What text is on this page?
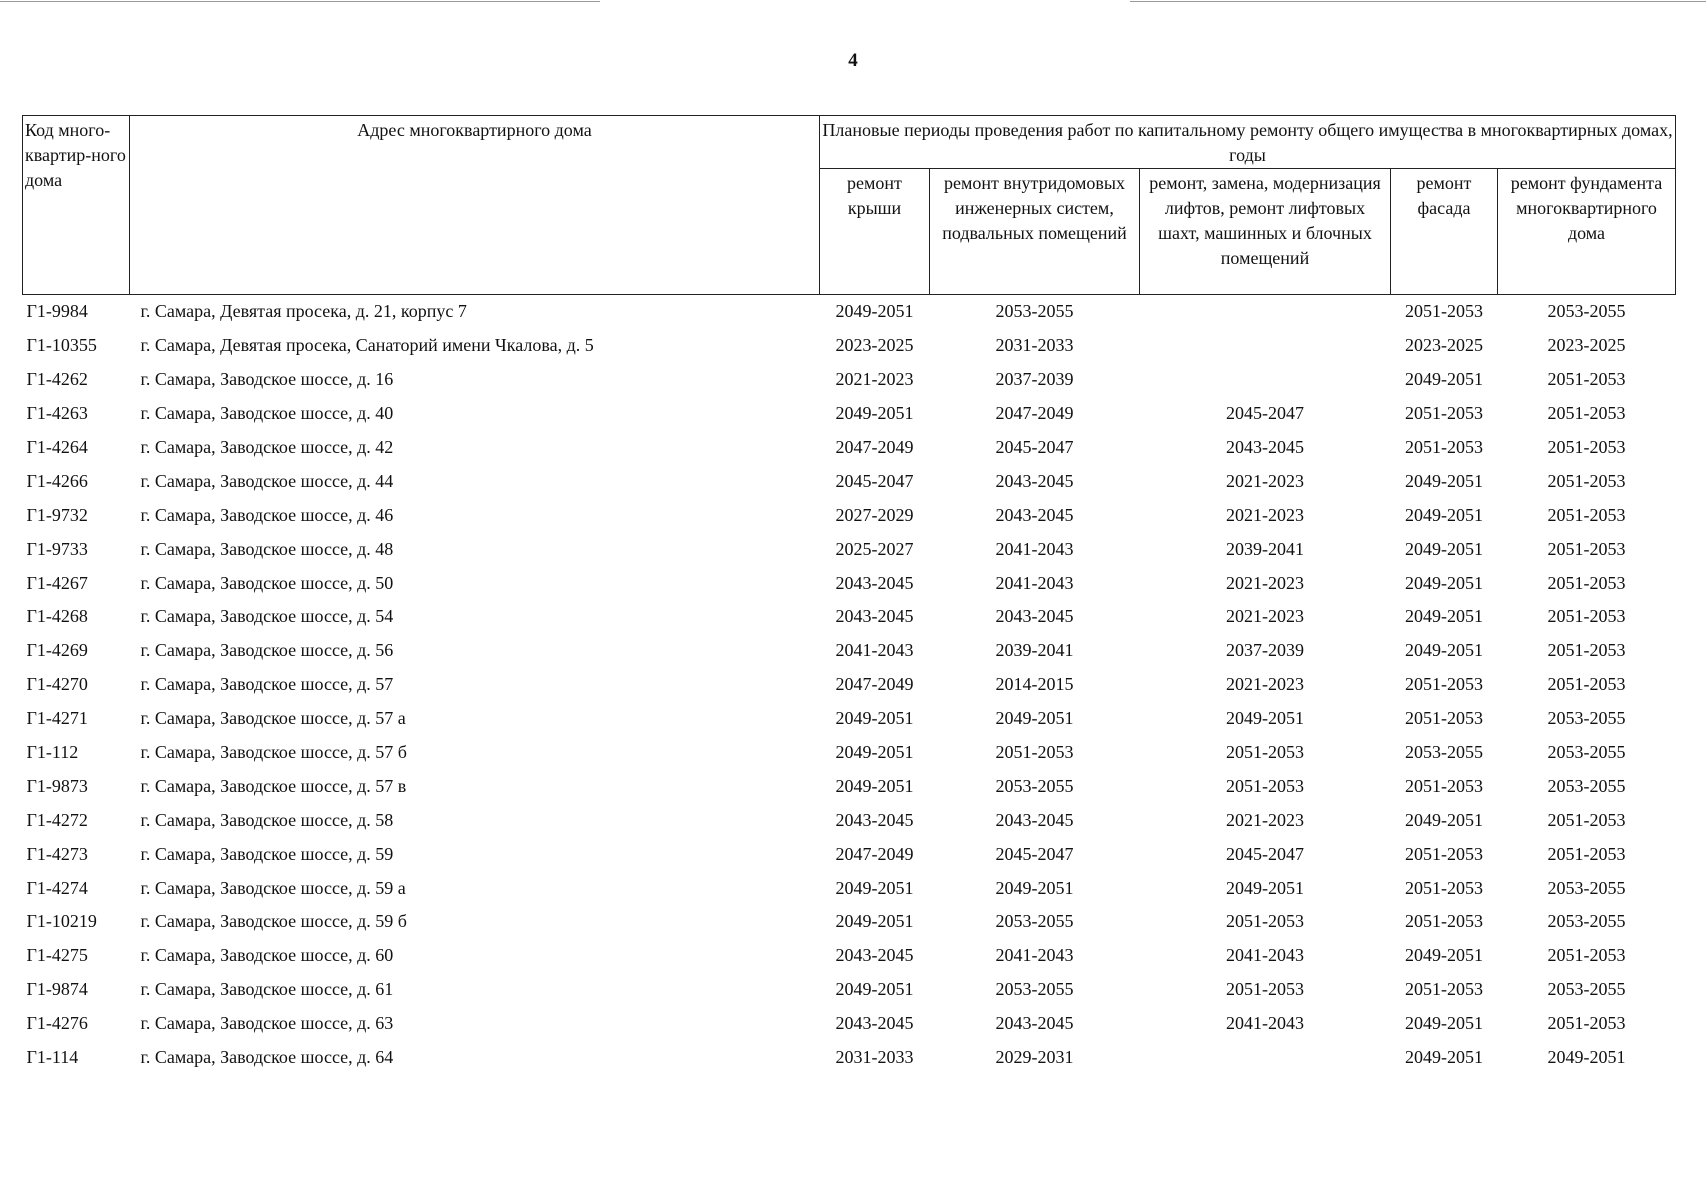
4
Код много-квартир-ного дома	Адрес многоквартирного дома	Плановые периоды проведения работ по капитальному ремонту общего имущества в многоквартирных домах, годы				
		ремонт крыши	ремонт внутридомовых инженерных систем, подвальных помещений	ремонт, замена, модернизация лифтов, ремонт лифтовых шахт, машинных и блочных помещений	ремонт фасада	ремонт фундамента многоквартирного дома
Г1-9984	г. Самара, Девятая просека, д. 21, корпус 7	2049-2051	2053-2055		2051-2053	2053-2055
Г1-10355	г. Самара, Девятая просека, Санаторий имени Чкалова, д. 5	2023-2025	2031-2033		2023-2025	2023-2025
Г1-4262	г. Самара, Заводское шоссе, д. 16	2021-2023	2037-2039		2049-2051	2051-2053
Г1-4263	г. Самара, Заводское шоссе, д. 40	2049-2051	2047-2049	2045-2047	2051-2053	2051-2053
Г1-4264	г. Самара, Заводское шоссе, д. 42	2047-2049	2045-2047	2043-2045	2051-2053	2051-2053
Г1-4266	г. Самара, Заводское шоссе, д. 44	2045-2047	2043-2045	2021-2023	2049-2051	2051-2053
Г1-9732	г. Самара, Заводское шоссе, д. 46	2027-2029	2043-2045	2021-2023	2049-2051	2051-2053
Г1-9733	г. Самара, Заводское шоссе, д. 48	2025-2027	2041-2043	2039-2041	2049-2051	2051-2053
Г1-4267	г. Самара, Заводское шоссе, д. 50	2043-2045	2041-2043	2021-2023	2049-2051	2051-2053
Г1-4268	г. Самара, Заводское шоссе, д. 54	2043-2045	2043-2045	2021-2023	2049-2051	2051-2053
Г1-4269	г. Самара, Заводское шоссе, д. 56	2041-2043	2039-2041	2037-2039	2049-2051	2051-2053
Г1-4270	г. Самара, Заводское шоссе, д. 57	2047-2049	2014-2015	2021-2023	2051-2053	2051-2053
Г1-4271	г. Самара, Заводское шоссе, д. 57 а	2049-2051	2049-2051	2049-2051	2051-2053	2053-2055
Г1-112	г. Самара, Заводское шоссе, д. 57 б	2049-2051	2051-2053	2051-2053	2053-2055	2053-2055
Г1-9873	г. Самара, Заводское шоссе, д. 57 в	2049-2051	2053-2055	2051-2053	2051-2053	2053-2055
Г1-4272	г. Самара, Заводское шоссе, д. 58	2043-2045	2043-2045	2021-2023	2049-2051	2051-2053
Г1-4273	г. Самара, Заводское шоссе, д. 59	2047-2049	2045-2047	2045-2047	2051-2053	2051-2053
Г1-4274	г. Самара, Заводское шоссе, д. 59 а	2049-2051	2049-2051	2049-2051	2051-2053	2053-2055
Г1-10219	г. Самара, Заводское шоссе, д. 59 б	2049-2051	2053-2055	2051-2053	2051-2053	2053-2055
Г1-4275	г. Самара, Заводское шоссе, д. 60	2043-2045	2041-2043	2041-2043	2049-2051	2051-2053
Г1-9874	г. Самара, Заводское шоссе, д. 61	2049-2051	2053-2055	2051-2053	2051-2053	2053-2055
Г1-4276	г. Самара, Заводское шоссе, д. 63	2043-2045	2043-2045	2041-2043	2049-2051	2051-2053
Г1-114	г. Самара, Заводское шоссе, д. 64	2031-2033	2029-2031		2049-2051	2049-2051
